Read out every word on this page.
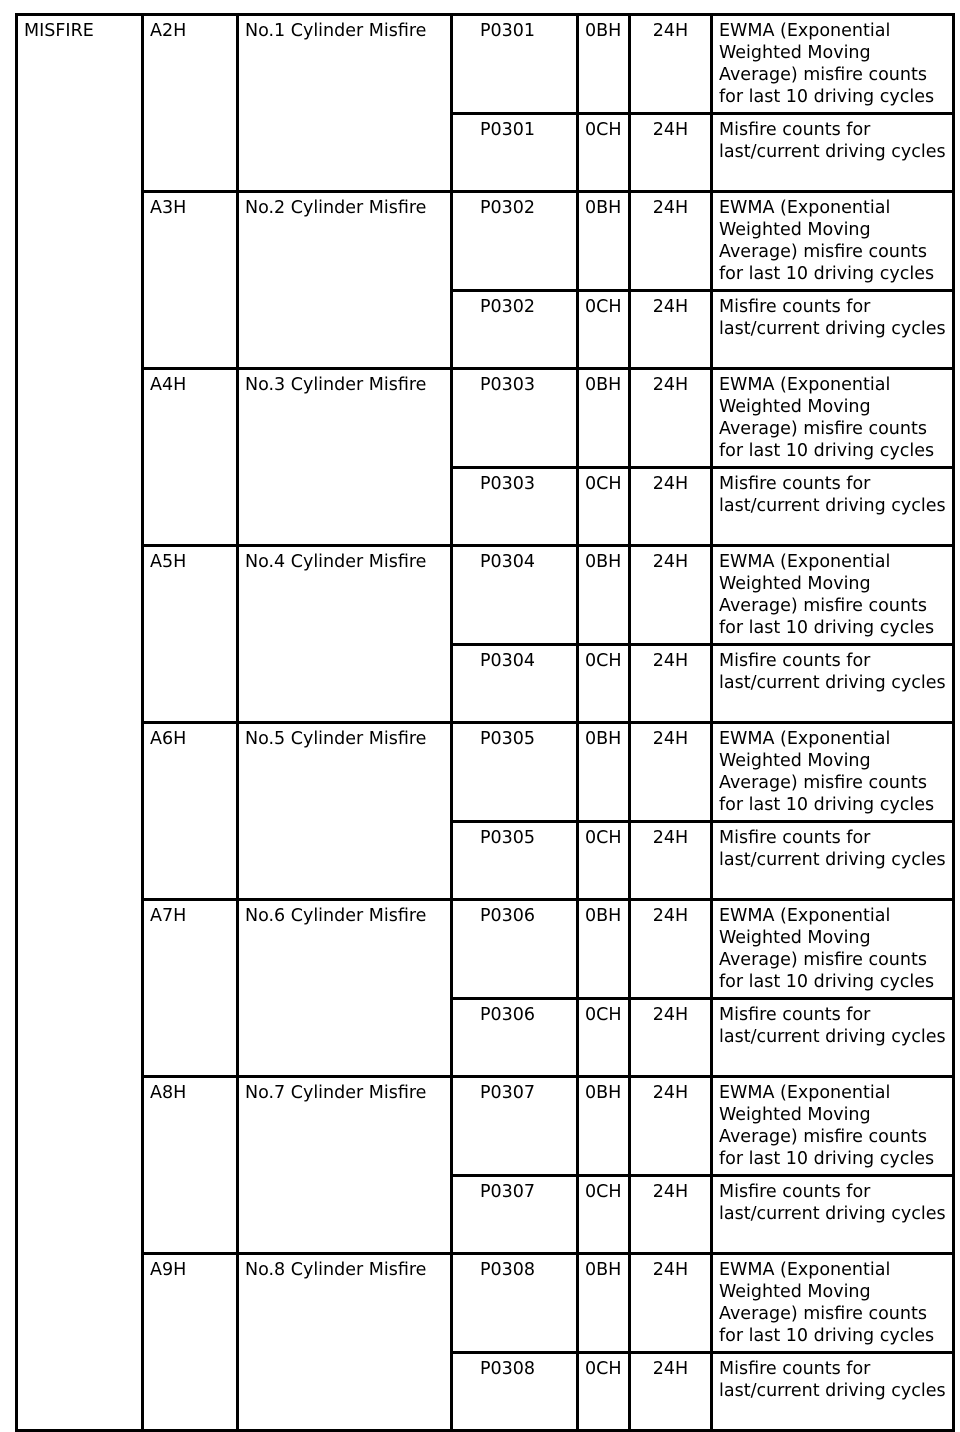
MISFIRE	A2H	No.1 Cylinder Misfire	P0301	0BH	24H	EWMA (Exponential Weighted Moving Average) misfire counts for last 10 driving cycles
			P0301	0CH	24H	Misfire counts for last/current driving cycles
	A3H	No.2 Cylinder Misfire	P0302	0BH	24H	EWMA (Exponential Weighted Moving Average) misfire counts for last 10 driving cycles
			P0302	0CH	24H	Misfire counts for last/current driving cycles
	A4H	No.3 Cylinder Misfire	P0303	0BH	24H	EWMA (Exponential Weighted Moving Average) misfire counts for last 10 driving cycles
			P0303	0CH	24H	Misfire counts for last/current driving cycles
	A5H	No.4 Cylinder Misfire	P0304	0BH	24H	EWMA (Exponential Weighted Moving Average) misfire counts for last 10 driving cycles
			P0304	0CH	24H	Misfire counts for last/current driving cycles
	A6H	No.5 Cylinder Misfire	P0305	0BH	24H	EWMA (Exponential Weighted Moving Average) misfire counts for last 10 driving cycles
			P0305	0CH	24H	Misfire counts for last/current driving cycles
	A7H	No.6 Cylinder Misfire	P0306	0BH	24H	EWMA (Exponential Weighted Moving Average) misfire counts for last 10 driving cycles
			P0306	0CH	24H	Misfire counts for last/current driving cycles
	A8H	No.7 Cylinder Misfire	P0307	0BH	24H	EWMA (Exponential Weighted Moving Average) misfire counts for last 10 driving cycles
			P0307	0CH	24H	Misfire counts for last/current driving cycles
	A9H	No.8 Cylinder Misfire	P0308	0BH	24H	EWMA (Exponential Weighted Moving Average) misfire counts for last 10 driving cycles
			P0308	0CH	24H	Misfire counts for last/current driving cycles
